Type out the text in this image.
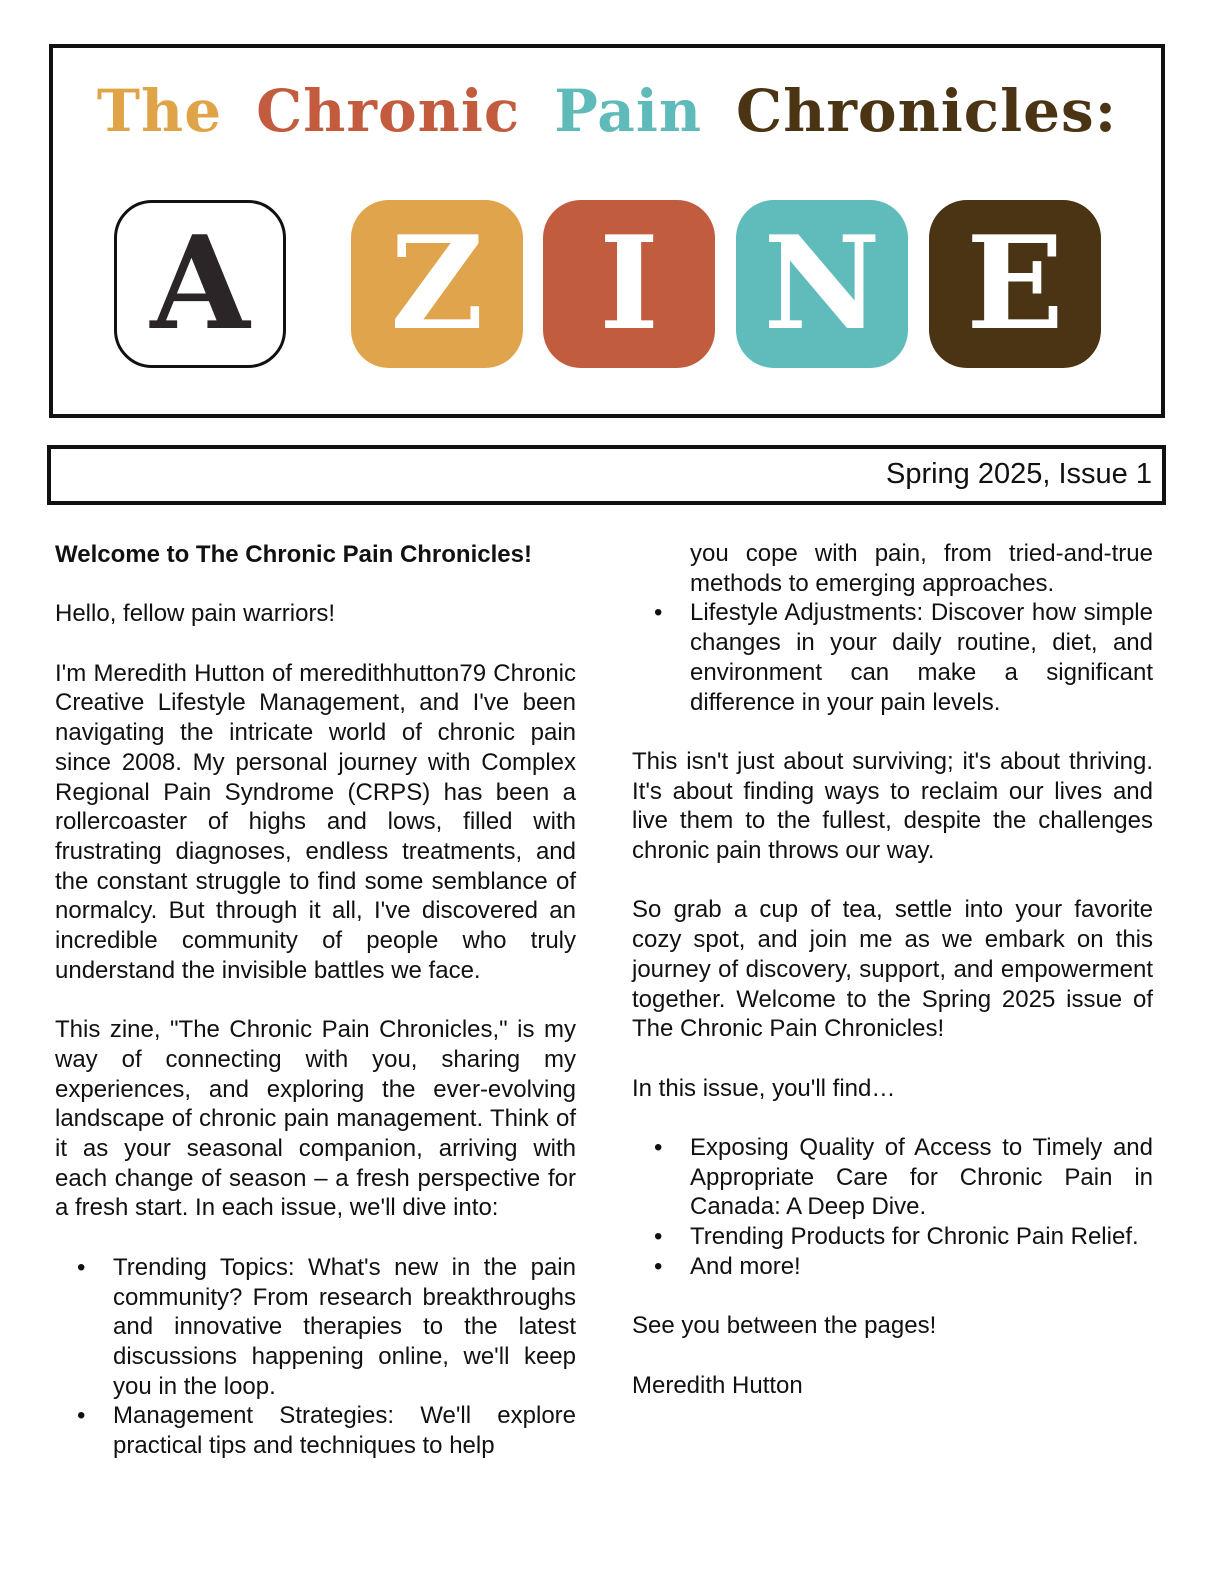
The Chronic Pain Chronicles:
A Z I N E
Spring 2025, Issue 1
Welcome to The Chronic Pain Chronicles!

Hello, fellow pain warriors!

I'm Meredith Hutton of meredithhutton79 Chronic Creative Lifestyle Management, and I've been navigating the intricate world of chronic pain since 2008. My personal journey with Complex Regional Pain Syndrome (CRPS) has been a rollercoaster of highs and lows, filled with frustrating diagnoses, endless treatments, and the constant struggle to find some semblance of normalcy. But through it all, I've discovered an incredible community of people who truly understand the invisible battles we face.

This zine, "The Chronic Pain Chronicles," is my way of connecting with you, sharing my experiences, and exploring the ever-evolving landscape of chronic pain management. Think of it as your seasonal companion, arriving with each change of season – a fresh perspective for a fresh start. In each issue, we'll dive into:

• Trending Topics: What's new in the pain community? From research breakthroughs and innovative therapies to the latest discussions happening online, we'll keep you in the loop.
• Management Strategies: We'll explore practical tips and techniques to help

you cope with pain, from tried-and-true methods to emerging approaches.

• Lifestyle Adjustments: Discover how simple changes in your daily routine, diet, and environment can make a significant difference in your pain levels.

This isn't just about surviving; it's about thriving. It's about finding ways to reclaim our lives and live them to the fullest, despite the challenges chronic pain throws our way.

So grab a cup of tea, settle into your favorite cozy spot, and join me as we embark on this journey of discovery, support, and empowerment together. Welcome to the Spring 2025 issue of The Chronic Pain Chronicles!

In this issue, you'll find…

• Exposing Quality of Access to Timely and Appropriate Care for Chronic Pain in Canada: A Deep Dive.
• Trending Products for Chronic Pain Relief.
• And more!

See you between the pages!

Meredith Hutton
